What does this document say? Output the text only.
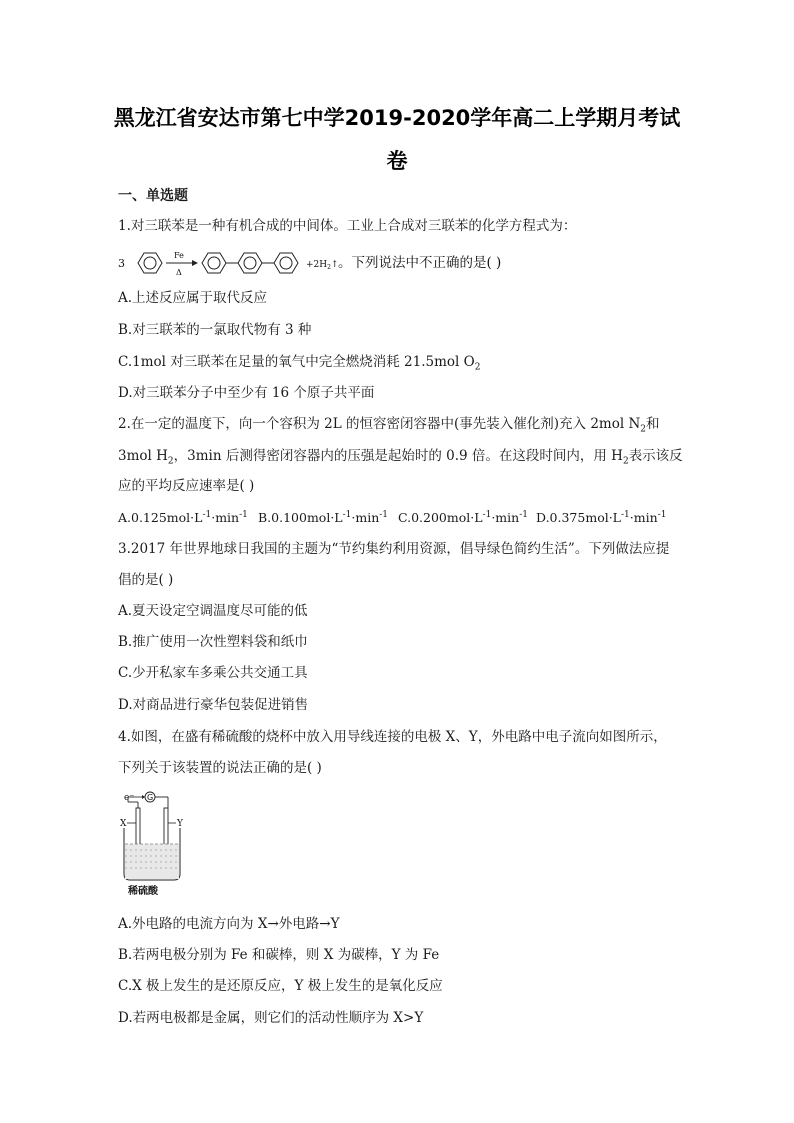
黑龙江省安达市第七中学2019-2020学年高二上学期月考试
卷
一、单选题
1.对三联苯是一种有机合成的中间体。工业上合成对三联苯的化学方程式为：
3
Fe
Δ
$+2H_2↑$ 。下列说法中不正确的是( )
A.上述反应属于取代反应
B.对三联苯的一氯取代物有 3 种
C.1mol 对三联苯在足量的氧气中完全燃烧消耗 21.5mol $O_2$
D.对三联苯分子中至少有 16 个原子共平面
2.在一定的温度下，向一个容积为 2L 的恒容密闭容器中(事先装入催化剂)充入 2mol $N_2$和
3mol $H_2$，3min 后测得密闭容器内的压强是起始时的 0.9 倍。在这段时间内，用 $H_2$表示该反
应的平均反应速率是( )
$A.0.125mol\cdot L^{-1}\cdot\min^{-1}$ $B.0.100mol\cdot L^{-1}\cdot\min^{-1}$ $C.0.200mol\cdot L^{-1}\cdot\min^{-1}$ $D.0.375mol\cdot L^{-1}\cdot\min^{-1}$
3.2017 年世界地球日我国的主题为“节约集约利用资源，倡导绿色简约生活”。下列做法应提
倡的是( )
A.夏天设定空调温度尽可能的低
B.推广使用一次性塑料袋和纸巾
C.少开私家车多乘公共交通工具
D.对商品进行豪华包装促进销售
4.如图，在盛有稀硫酸的烧杯中放入用导线连接的电极 X、Y，外电路中电子流向如图所示，
下列关于该装置的说法正确的是( )
e− G
X	Y
稀硫酸
A.外电路的电流方向为 X→外电路→Y
B.若两电极分别为 Fe 和碳棒，则 X 为碳棒，Y 为 Fe
C.X 极上发生的是还原反应，Y 极上发生的是氧化反应
D.若两电极都是金属，则它们的活动性顺序为 X>Y
